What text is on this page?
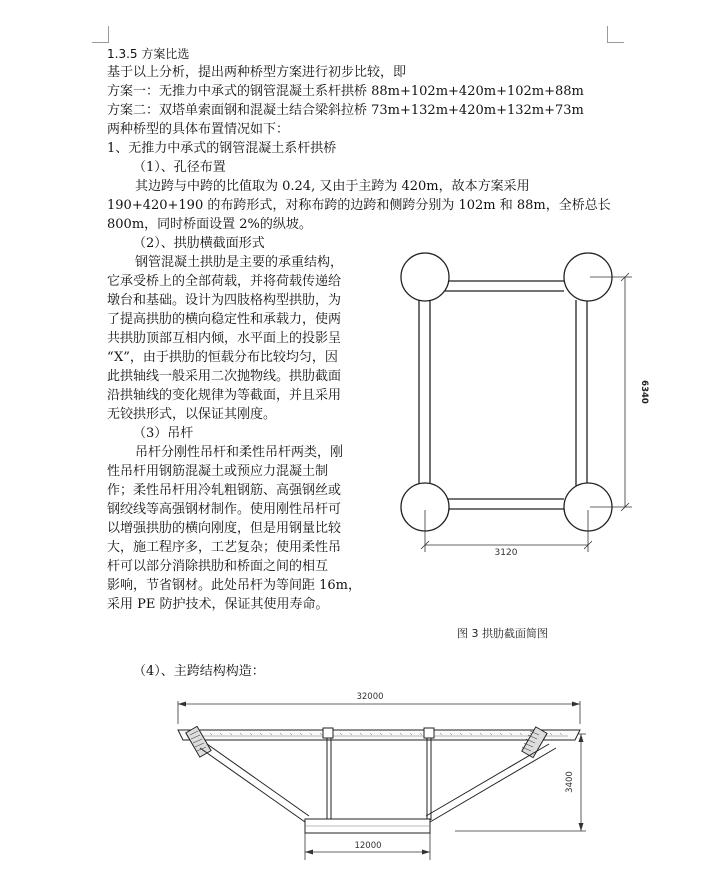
1.3.5 方案比选
基于以上分析，提出两种桥型方案进行初步比较，即
方案一：无推力中承式的钢管混凝土系杆拱桥 88m+102m+420m+102m+88m
方案二：双塔单索面钢和混凝土结合梁斜拉桥 73m+132m+420m+132m+73m
两种桥型的具体布置情况如下：
1、无推力中承式的钢管混凝土系杆拱桥
（1）、孔径布置
其边跨与中跨的比值取为 0.24, 又由于主跨为 420m，故本方案采用
190+420+190 的布跨形式，对称布跨的边跨和侧跨分别为 102m 和 88m，全桥总长
800m，同时桥面设置 2%的纵坡。
（2）、拱肋横截面形式
钢管混凝土拱肋是主要的承重结构，
它承受桥上的全部荷载，并将荷载传递给
墩台和基础。设计为四肢格构型拱肋，为
了提高拱肋的横向稳定性和承载力，使两
共拱肋顶部互相内倾，水平面上的投影呈
“X”，由于拱肋的恒载分布比较均匀，因
此拱轴线一般采用二次抛物线。拱肋截面
沿拱轴线的变化规律为等截面，并且采用
无铰拱形式，以保证其刚度。
（3）吊杆
吊杆分刚性吊杆和柔性吊杆两类，刚
性吊杆用钢筋混凝土或预应力混凝土制
作；柔性吊杆用冷轧粗钢筋、高强钢丝或
钢绞线等高强钢材制作。使用刚性吊杆可
以增强拱肋的横向刚度，但是用钢量比较
大，施工程序多，工艺复杂；使用柔性吊
杆可以部分消除拱肋和桥面之间的相互
影响，节省钢材。此处吊杆为等间距 16m，
采用 PE 防护技术，保证其使用寿命。
6340
3120
图 3 拱肋截面简图
（4）、主跨结构构造：
32000
3400
12000
